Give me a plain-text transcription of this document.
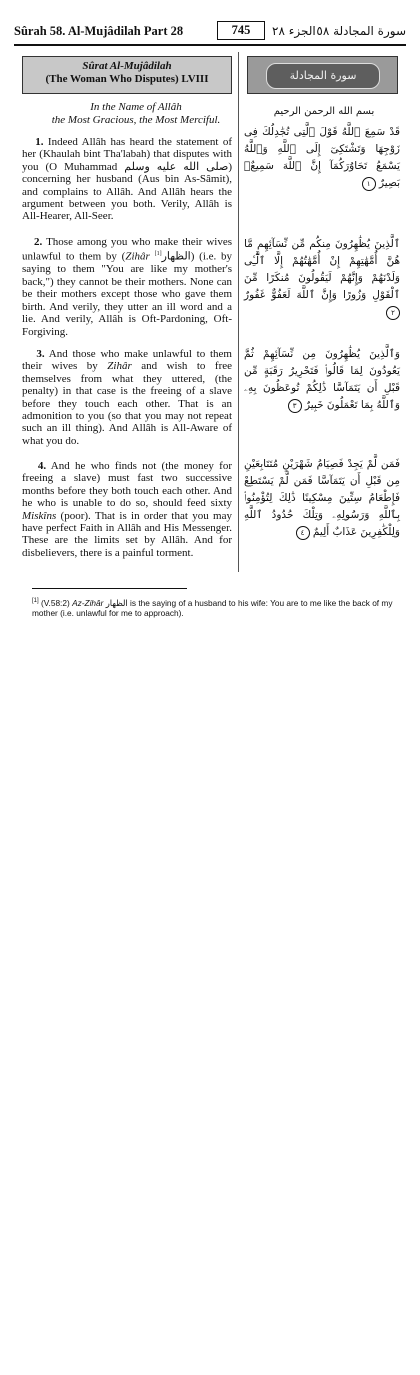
Sûrah 58. Al-Mujâdilah Part 28	745	الجزء ٢٨ سورة المجادلة ٥٨
Sûrat Al-Mujâdilah
(The Woman Who Disputes) LVIII	سورة المجادلة
In the Name of Allâh
the Most Gracious, the Most Merciful.
بسم الله الرحمن الرحيم
1. Indeed Allâh has heard the statement of her (Khaulah bint Tha'labah) that disputes with you (O Muhammad صلى الله عليه وسلم) concerning her husband (Aus bin As-Sâmit), and complains to Allâh. And Allâh hears the argument between you both. Verily, Allâh is All-Hearer, All-Seer.
2. Those among you who make their wives unlawful to them by (Zihâr الظهار[1]	) (i.e. by saying to them "You are like my mother's back,") they cannot be their mothers. None can be their mothers except those who gave them birth. And verily, they utter an ill word and a lie. And verily, Allâh is Oft-Pardoning, Oft-Forgiving.
3. And those who make unlawful to them their wives by Zihâr and wish to free themselves from what they uttered, (the penalty) in that case is the freeing of a slave before they touch each other. That is an admonition to you (so that you may not repeat such an ill thing). And Allâh is All-Aware of what you do.
4. And he who finds not (the money for freeing a slave) must fast two successive months before they both touch each other. And he who is unable to do so, should feed sixty Miskîns (poor). That is in order that you may have perfect Faith in Allâh and His Messenger. These are the limits set by Allâh. And for disbelievers, there is a painful torment.
قَدْ سَمِعَ ٱللَّهُ قَوْلَ ٱلَّتِى تُجَٰدِلُكَ فِى زَوْجِهَا وَتَشْتَكِىٓ إِلَى ٱللَّهِ وَٱللَّهُ يَسْمَعُ تَحَاوُرَكُمَآ إِنَّ ٱللَّهَ سَمِيعٌۢ بَصِيرٌ ١
ٱلَّذِينَ يُظَٰهِرُونَ مِنكُم مِّن نِّسَآئِهِم مَّا هُنَّ أُمَّهَٰتِهِمْ إِنْ أُمَّهَٰتُهُمْ إِلَّا ٱلَّٰٓـِٔى وَلَدْنَهُمْ وَإِنَّهُمْ لَيَقُولُونَ مُنكَرًا مِّنَ ٱلْقَوْلِ وَزُورًا وَإِنَّ ٱللَّهَ لَعَفُوٌّ غَفُورٌ ٢
وَٱلَّذِينَ يُظَٰهِرُونَ مِن نِّسَآئِهِمْ ثُمَّ يَعُودُونَ لِمَا قَالُوا۟ فَتَحْرِيرُ رَقَبَةٍ مِّن قَبْلِ أَن يَتَمَآسَّا ذَٰلِكُمْ تُوعَظُونَ بِهِۦ وَٱللَّهُ بِمَا تَعْمَلُونَ خَبِيرٌ ٣
فَمَن لَّمْ يَجِدْ فَصِيَامُ شَهْرَيْنِ مُتَتَابِعَيْنِ مِن قَبْلِ أَن يَتَمَآسَّا فَمَن لَّمْ يَسْتَطِعْ فَإِطْعَامُ سِتِّينَ مِسْكِينًا ذَٰلِكَ لِتُؤْمِنُوا۟ بِٱللَّهِ وَرَسُولِهِۦ وَتِلْكَ حُدُودُ ٱللَّهِ وَلِلْكَٰفِرِينَ عَذَابٌ أَلِيمٌ ٤
[1] (V.58:2) Az-Zihâr الظهار is the saying of a husband to his wife: You are to me like the back of my mother (i.e. unlawful for me to approach).
